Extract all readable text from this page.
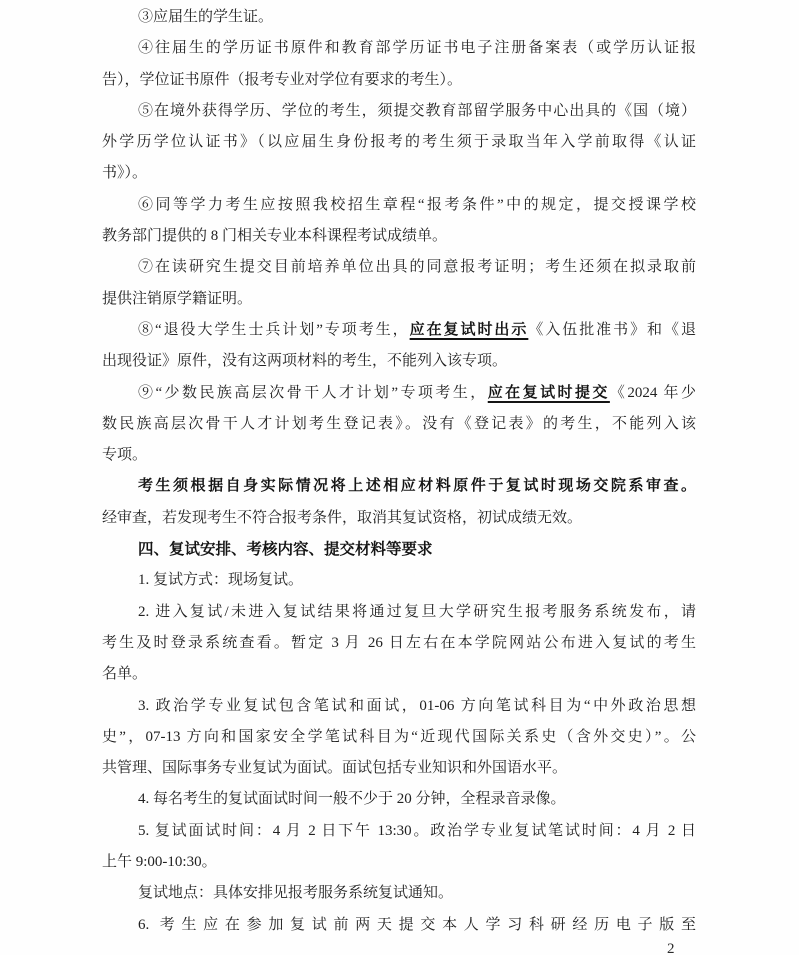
③应届生的学生证。
④往届生的学历证书原件和教育部学历证书电子注册备案表（或学历认证报
告），学位证书原件（报考专业对学位有要求的考生）。
⑤在境外获得学历、学位的考生，须提交教育部留学服务中心出具的《国（境）
外学历学位认证书》（以应届生身份报考的考生须于录取当年入学前取得《认证
书》）。
⑥同等学力考生应按照我校招生章程“报考条件”中的规定，提交授课学校
教务部门提供的 8 门相关专业本科课程考试成绩单。
⑦在读研究生提交目前培养单位出具的同意报考证明；考生还须在拟录取前
提供注销原学籍证明。
⑧“退役大学生士兵计划”专项考生，应在复试时出示《入伍批准书》和《退
出现役证》原件，没有这两项材料的考生，不能列入该专项。
⑨“少数民族高层次骨干人才计划”专项考生，应在复试时提交《2024 年少
数民族高层次骨干人才计划考生登记表》。没有《登记表》的考生，不能列入该
专项。
考生须根据自身实际情况将上述相应材料原件于复试时现场交院系审查。
经审查，若发现考生不符合报考条件，取消其复试资格，初试成绩无效。
四、复试安排、考核内容、提交材料等要求
1. 复试方式：现场复试。
2. 进入复试/未进入复试结果将通过复旦大学研究生报考服务系统发布，请
考生及时登录系统查看。暂定 3 月 26 日左右在本学院网站公布进入复试的考生
名单。
3. 政治学专业复试包含笔试和面试，01-06 方向笔试科目为“中外政治思想
史”，07-13 方向和国家安全学笔试科目为“近现代国际关系史（含外交史）”。公
共管理、国际事务专业复试为面试。面试包括专业知识和外国语水平。
4. 每名考生的复试面试时间一般不少于 20 分钟，全程录音录像。
5. 复试面试时间：4 月 2 日下午 13:30。政治学专业复试笔试时间：4 月 2 日
上午 9:00-10:30。
复试地点：具体安排见报考服务系统复试通知。
6. 考生应在参加复试前两天提交本人学习科研经历电子版至
2
